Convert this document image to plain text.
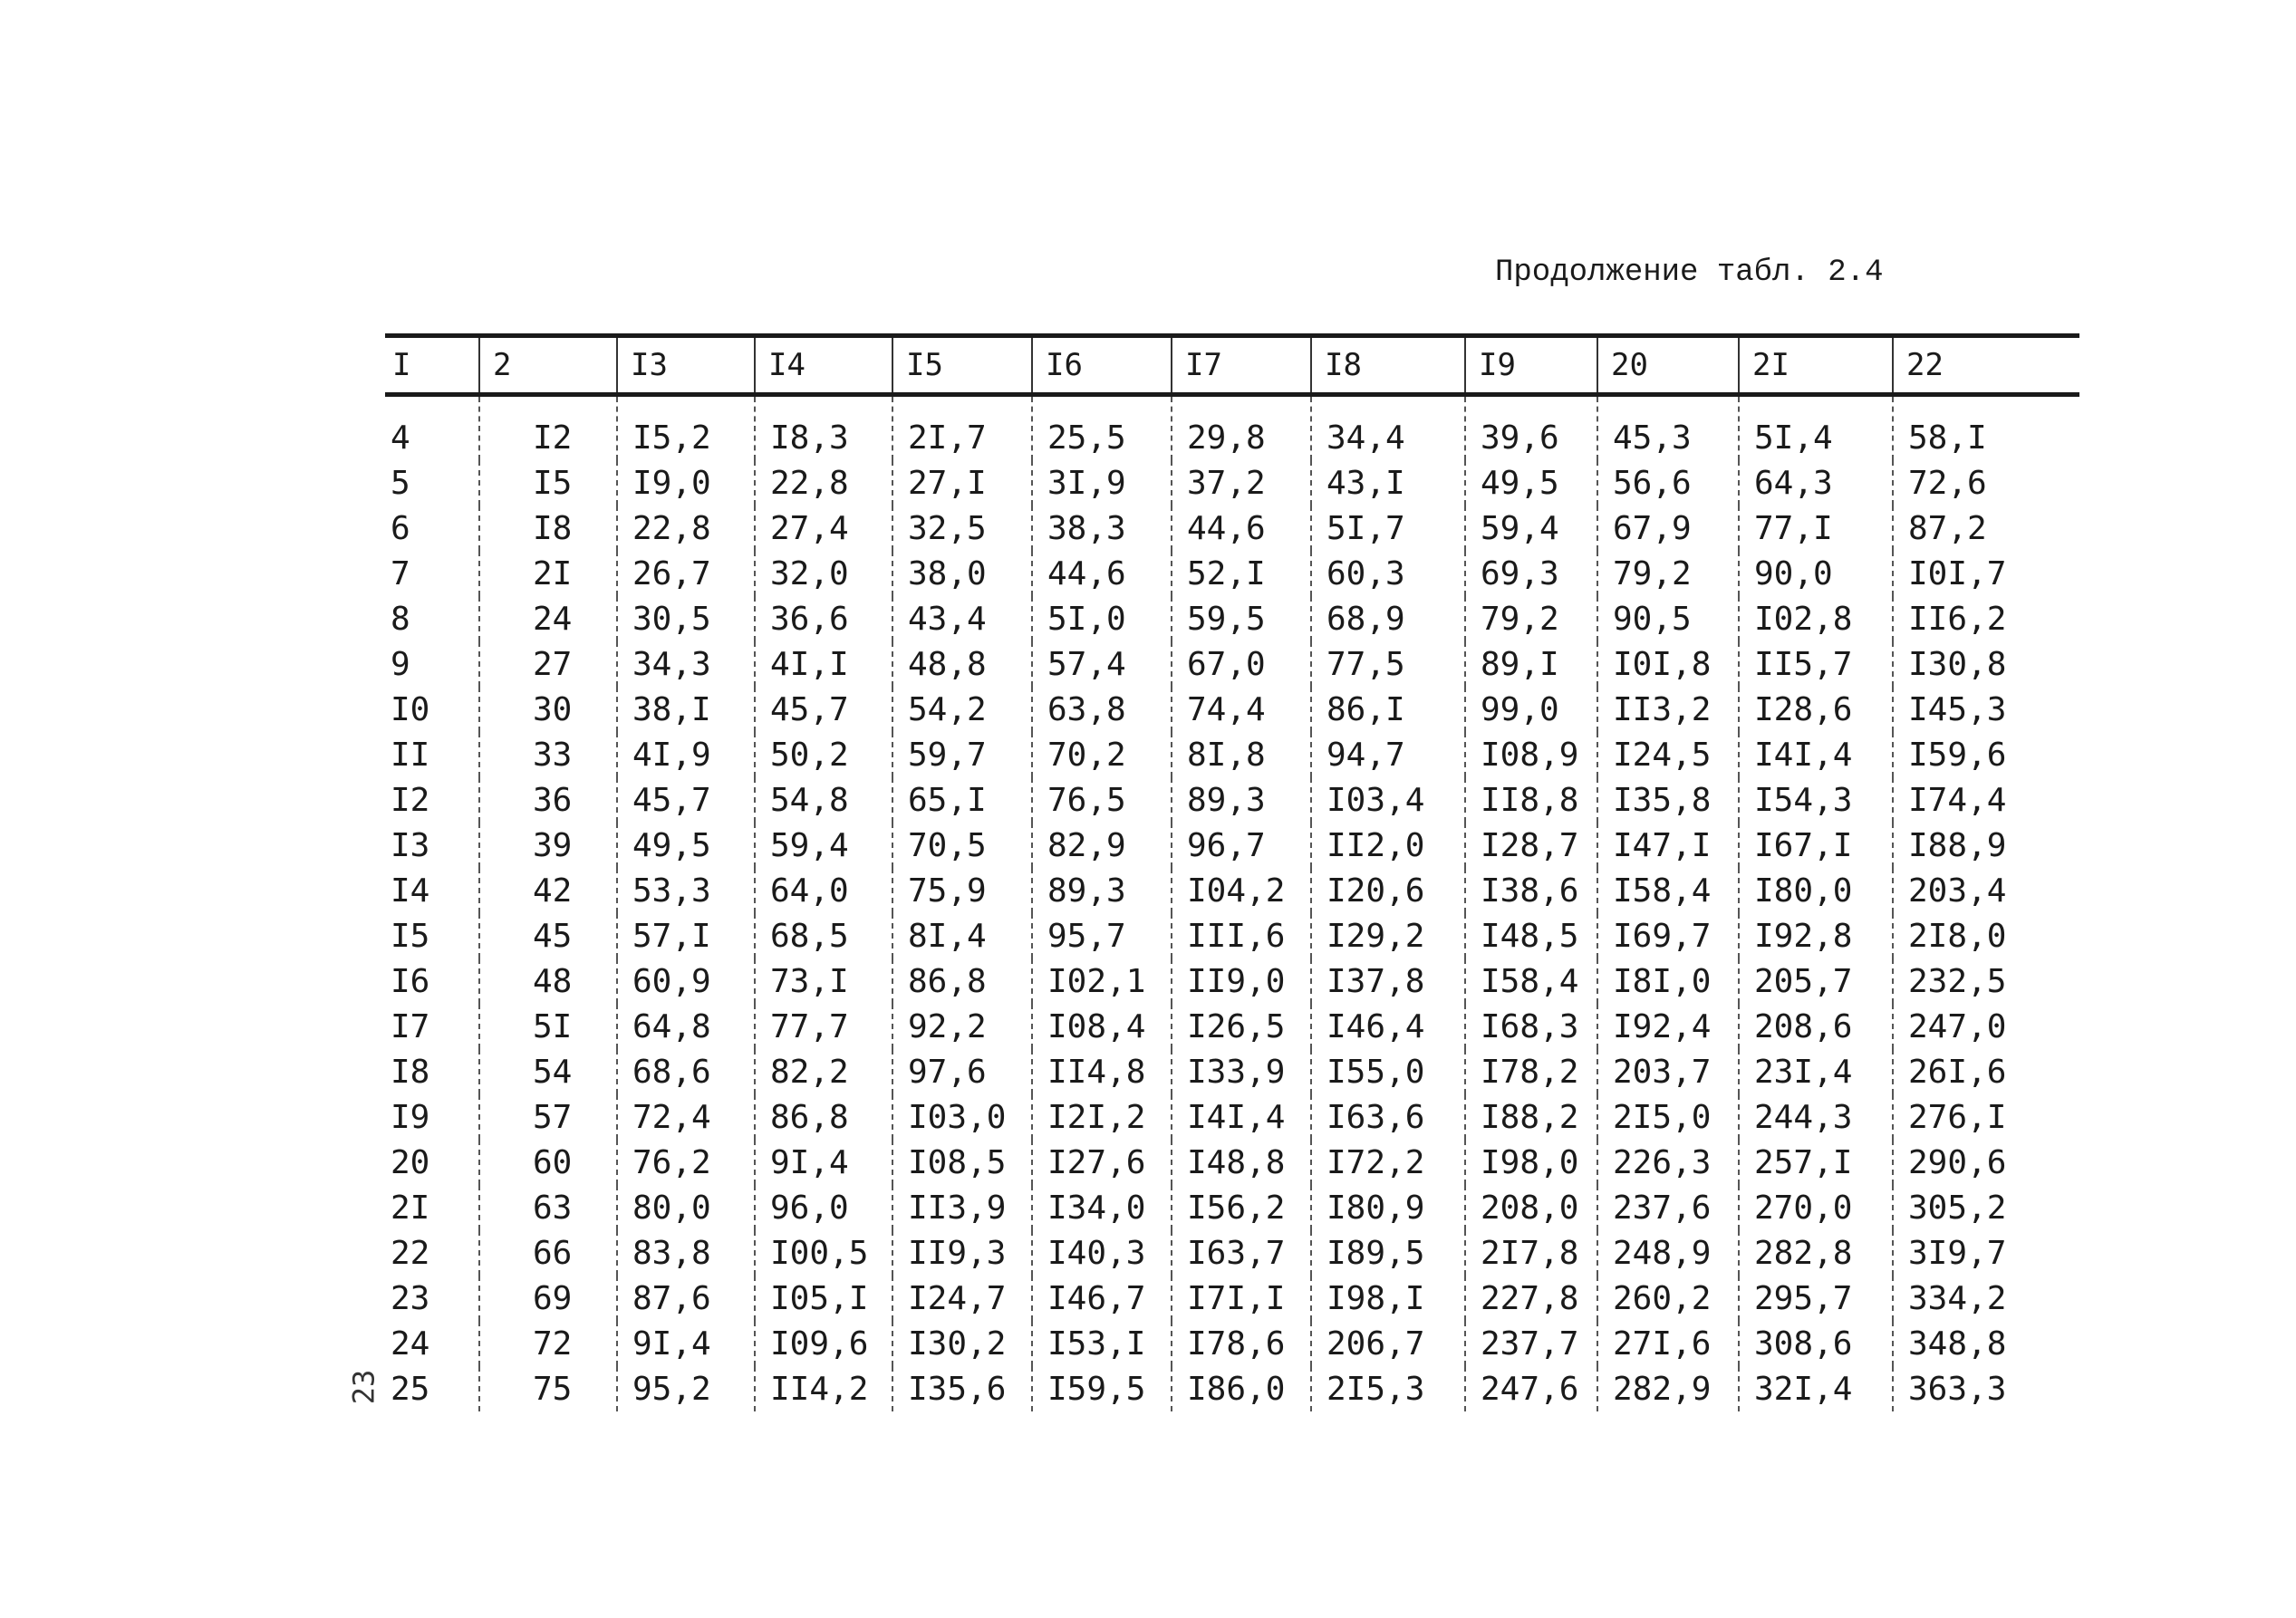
Продолжение табл. 2.4
23
I	2	I3	I4	I5	I6	I7	I8	I9	20	2I	22
4	I2	I5,2	I8,3	2I,7	25,5	29,8	34,4	39,6	45,3	5I,4	58,I
5	I5	I9,0	22,8	27,I	3I,9	37,2	43,I	49,5	56,6	64,3	72,6
6	I8	22,8	27,4	32,5	38,3	44,6	5I,7	59,4	67,9	77,I	87,2
7	2I	26,7	32,0	38,0	44,6	52,I	60,3	69,3	79,2	90,0	I0I,7
8	24	30,5	36,6	43,4	5I,0	59,5	68,9	79,2	90,5	I02,8	II6,2
9	27	34,3	4I,I	48,8	57,4	67,0	77,5	89,I	I0I,8	II5,7	I30,8
I0	30	38,I	45,7	54,2	63,8	74,4	86,I	99,0	II3,2	I28,6	I45,3
II	33	4I,9	50,2	59,7	70,2	8I,8	94,7	I08,9	I24,5	I4I,4	I59,6
I2	36	45,7	54,8	65,I	76,5	89,3	I03,4	II8,8	I35,8	I54,3	I74,4
I3	39	49,5	59,4	70,5	82,9	96,7	II2,0	I28,7	I47,I	I67,I	I88,9
I4	42	53,3	64,0	75,9	89,3	I04,2	I20,6	I38,6	I58,4	I80,0	203,4
I5	45	57,I	68,5	8I,4	95,7	III,6	I29,2	I48,5	I69,7	I92,8	2I8,0
I6	48	60,9	73,I	86,8	I02,1	II9,0	I37,8	I58,4	I8I,0	205,7	232,5
I7	5I	64,8	77,7	92,2	I08,4	I26,5	I46,4	I68,3	I92,4	208,6	247,0
I8	54	68,6	82,2	97,6	II4,8	I33,9	I55,0	I78,2	203,7	23I,4	26I,6
I9	57	72,4	86,8	I03,0	I2I,2	I4I,4	I63,6	I88,2	2I5,0	244,3	276,I
20	60	76,2	9I,4	I08,5	I27,6	I48,8	I72,2	I98,0	226,3	257,I	290,6
2I	63	80,0	96,0	II3,9	I34,0	I56,2	I80,9	208,0	237,6	270,0	305,2
22	66	83,8	I00,5	II9,3	I40,3	I63,7	I89,5	2I7,8	248,9	282,8	3I9,7
23	69	87,6	I05,I	I24,7	I46,7	I7I,I	I98,I	227,8	260,2	295,7	334,2
24	72	9I,4	I09,6	I30,2	I53,I	I78,6	206,7	237,7	27I,6	308,6	348,8
25	75	95,2	II4,2	I35,6	I59,5	I86,0	2I5,3	247,6	282,9	32I,4	363,3
